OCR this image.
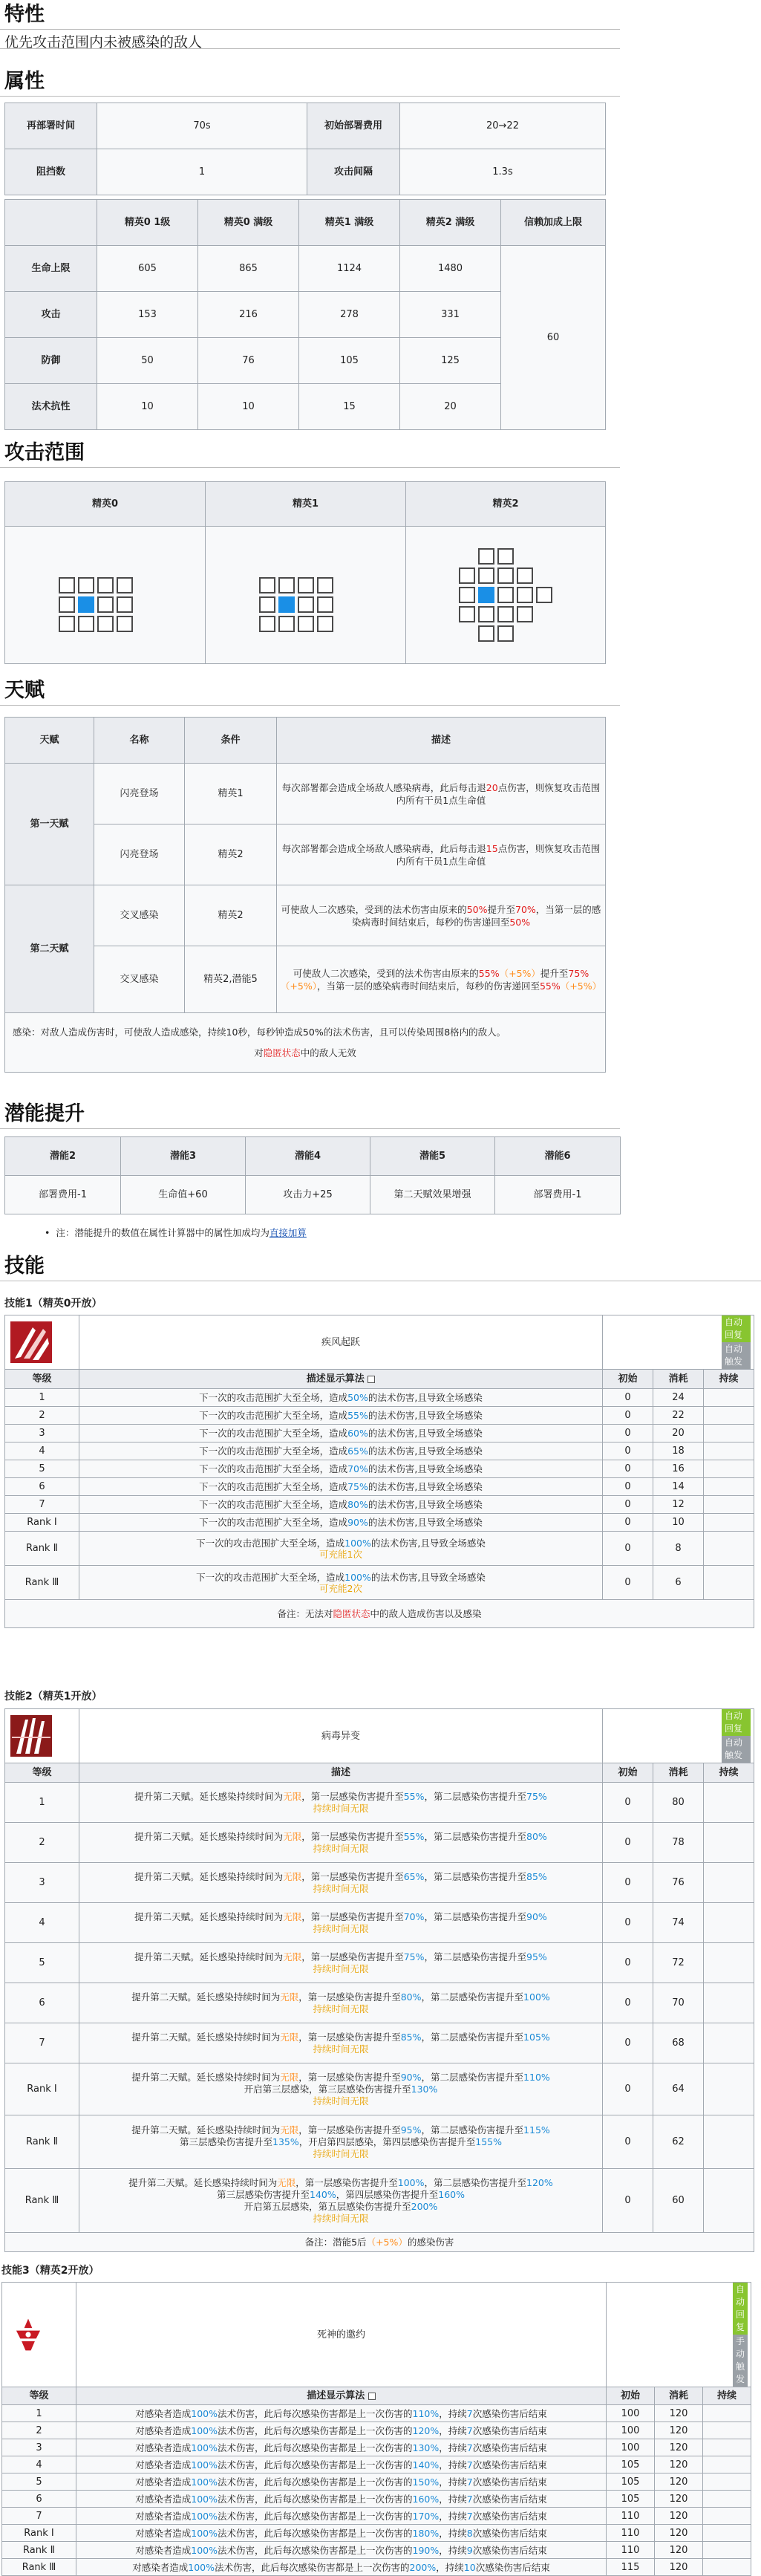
特性
优先攻击范围内未被感染的敌人
属性
再部署时间	70s	初始部署费用	20→22
阻挡数	1	攻击间隔	1.3s
	精英0 1级	精英0 满级	精英1 满级	精英2 满级	信赖加成上限
生命上限	605	865	1124	1480	60
攻击	153	216	278	331	
防御	50	76	105	125	
法术抗性	10	10	15	20	
攻击范围
精英0	精英1	精英2

天赋
天赋	名称	条件	描述
第一天赋	闪亮登场	精英1	每次部署都会造成全场敌人感染病毒，此后每击退20点伤害，则恢复攻击范围内所有干员1点生命值
	闪亮登场	精英2	每次部署都会造成全场敌人感染病毒，此后每击退15点伤害，则恢复攻击范围内所有干员1点生命值
第二天赋	交叉感染	精英2	可使敌人二次感染，受到的法术伤害由原来的50%提升至70%，当第一层的感染病毒时间结束后，每秒的伤害递回至50%
	交叉感染	精英2,潜能5	可使敌人二次感染，受到的法术伤害由原来的55%（+5%）提升至75%（+5%），当第一层的感染病毒时间结束后，每秒的伤害递回至55%（+5%）

感染：对敌人造成伤害时，可使敌人造成感染，持续10秒，每秒钟造成50%的法术伤害，且可以传染周围8格内的敌人。
对隐匿状态中的敌人无效			
潜能提升
潜能2	潜能3	潜能4	潜能5	潜能6
部署费用-1	生命值+60	攻击力+25	第二天赋效果增强	部署费用-1
•  注：潜能提升的数值在属性计算器中的属性加成均为直接加算
技能
技能1（精英0开放）
	疾风起跃	自动回复 自动触发		
等级	描述显示算法	初始	消耗	持续
1	下一次的攻击范围扩大至全场，造成50%的法术伤害,且导致全场感染	0	24	
2	下一次的攻击范围扩大至全场，造成55%的法术伤害,且导致全场感染	0	22	
3	下一次的攻击范围扩大至全场，造成60%的法术伤害,且导致全场感染	0	20	
4	下一次的攻击范围扩大至全场，造成65%的法术伤害,且导致全场感染	0	18	
5	下一次的攻击范围扩大至全场，造成70%的法术伤害,且导致全场感染	0	16	
6	下一次的攻击范围扩大至全场，造成75%的法术伤害,且导致全场感染	0	14	
7	下一次的攻击范围扩大至全场，造成80%的法术伤害,且导致全场感染	0	12	
Rank Ⅰ	下一次的攻击范围扩大至全场，造成90%的法术伤害,且导致全场感染	0	10	
Rank Ⅱ	下一次的攻击范围扩大至全场，造成100%的法术伤害,且导致全场感染
可充能1次	0	8	
Rank Ⅲ	下一次的攻击范围扩大至全场，造成100%的法术伤害,且导致全场感染
可充能2次	0	6	
备注：无法对隐匿状态中的敌人造成伤害以及感染				
技能2（精英1开放）
	病毒异变	自动回复 自动触发		
等级	描述	初始	消耗	持续
1	提升第二天赋。延长感染持续时间为无限，第一层感染伤害提升至55%，第二层感染伤害提升至75%
持续时间无限	0	80	
2	提升第二天赋。延长感染持续时间为无限，第一层感染伤害提升至55%，第二层感染伤害提升至80%
持续时间无限	0	78	
3	提升第二天赋。延长感染持续时间为无限，第一层感染伤害提升至65%，第二层感染伤害提升至85%
持续时间无限	0	76	
4	提升第二天赋。延长感染持续时间为无限，第一层感染伤害提升至70%，第二层感染伤害提升至90%
持续时间无限	0	74	
5	提升第二天赋。延长感染持续时间为无限，第一层感染伤害提升至75%，第二层感染伤害提升至95%
持续时间无限	0	72	
6	提升第二天赋。延长感染持续时间为无限，第一层感染伤害提升至80%，第二层感染伤害提升至100%
持续时间无限	0	70	
7	提升第二天赋。延长感染持续时间为无限，第一层感染伤害提升至85%，第二层感染伤害提升至105%
持续时间无限	0	68	
Rank Ⅰ	提升第二天赋。延长感染持续时间为无限，第一层感染伤害提升至90%，第二层感染伤害提升至110%
开启第三层感染，第三层感染伤害提升至130%
持续时间无限	0	64	
Rank Ⅱ	提升第二天赋。延长感染持续时间为无限，第一层感染伤害提升至95%，第二层感染伤害提升至115%
第三层感染伤害提升至135%，开启第四层感染，第四层感染伤害提升至155%
持续时间无限	0	62	
Rank Ⅲ	提升第二天赋。延长感染持续时间为无限，第一层感染伤害提升至100%，第二层感染伤害提升至120%
第三层感染伤害提升至140%，第四层感染伤害提升至160%
开启第五层感染，第五层感染伤害提升至200%
持续时间无限	0	60	
备注：潜能5后（+5%）的感染伤害				
技能3（精英2开放）
	死神的邀约	自动回复 手动触发		
等级	描述显示算法	初始	消耗	持续
1	对感染者造成100%法术伤害，此后每次感染伤害都是上一次伤害的110%，持续7次感染伤害后结束	100	120	
2	对感染者造成100%法术伤害，此后每次感染伤害都是上一次伤害的120%，持续7次感染伤害后结束	100	120	
3	对感染者造成100%法术伤害，此后每次感染伤害都是上一次伤害的130%，持续7次感染伤害后结束	100	120	
4	对感染者造成100%法术伤害，此后每次感染伤害都是上一次伤害的140%，持续7次感染伤害后结束	105	120	
5	对感染者造成100%法术伤害，此后每次感染伤害都是上一次伤害的150%，持续7次感染伤害后结束	105	120	
6	对感染者造成100%法术伤害，此后每次感染伤害都是上一次伤害的160%，持续7次感染伤害后结束	105	120	
7	对感染者造成100%法术伤害，此后每次感染伤害都是上一次伤害的170%，持续7次感染伤害后结束	110	120	
Rank Ⅰ	对感染者造成100%法术伤害，此后每次感染伤害都是上一次伤害的180%，持续8次感染伤害后结束	110	120	
Rank Ⅱ	对感染者造成100%法术伤害，此后每次感染伤害都是上一次伤害的190%，持续9次感染伤害后结束	110	120	
Rank Ⅲ	对感染者造成100%法术伤害，此后每次感染伤害都是上一次伤害的200%，持续10次感染伤害后结束	115	120	
